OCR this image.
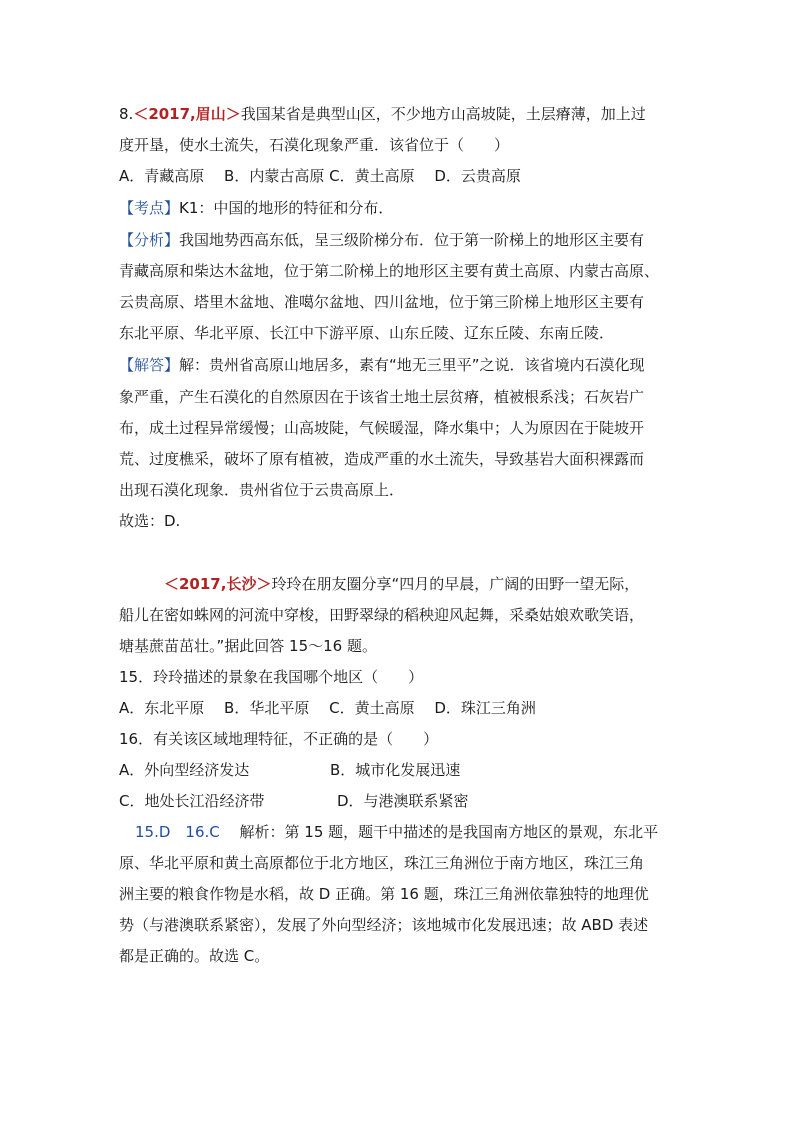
8.＜2017,眉山＞我国某省是典型山区，不少地方山高坡陡，土层瘠薄，加上过
度开垦，使水土流失，石漠化现象严重．该省位于（　　）
A．青藏高原　 B．内蒙古高原 C．黄土高原　 D．云贵高原
【考点】K1：中国的地形的特征和分布．
【分析】我国地势西高东低，呈三级阶梯分布．位于第一阶梯上的地形区主要有
青藏高原和柴达木盆地，位于第二阶梯上的地形区主要有黄土高原、内蒙古高原、
云贵高原、塔里木盆地、准噶尔盆地、四川盆地，位于第三阶梯上地形区主要有
东北平原、华北平原、长江中下游平原、山东丘陵、辽东丘陵、东南丘陵．
【解答】解：贵州省高原山地居多，素有“地无三里平”之说．该省境内石漠化现
象严重，产生石漠化的自然原因在于该省土地土层贫瘠，植被根系浅；石灰岩广
布，成土过程异常缓慢；山高坡陡，气候暖湿，降水集中；人为原因在于陡坡开
荒、过度樵采，破坏了原有植被，造成严重的水土流失，导致基岩大面积裸露而
出现石漠化现象．贵州省位于云贵高原上．
故选：D.
＜2017,长沙＞玲玲在朋友圈分享“四月的早晨，广阔的田野一望无际，
船儿在密如蛛网的河流中穿梭，田野翠绿的稻秧迎风起舞，采桑姑娘欢歌笑语，
塘基蔗苗茁壮。”据此回答 15～16 题。
15．玲玲描述的景象在我国哪个地区（　　）
A．东北平原　 B．华北平原　 C．黄土高原　 D．珠江三角洲
16．有关该区域地理特征，不正确的是（　　）
A．外向型经济发达	B．城市化发展迅速
C．地处长江沿经济带	D．与港澳联系紧密
15.D　16.C　 解析：第 15 题，题干中描述的是我国南方地区的景观，东北平
原、华北平原和黄土高原都位于北方地区，珠江三角洲位于南方地区，珠江三角
洲主要的粮食作物是水稻，故 D 正确。第 16 题，珠江三角洲依靠独特的地理优
势（与港澳联系紧密），发展了外向型经济；该地城市化发展迅速；故 ABD 表述
都是正确的。故选 C。
